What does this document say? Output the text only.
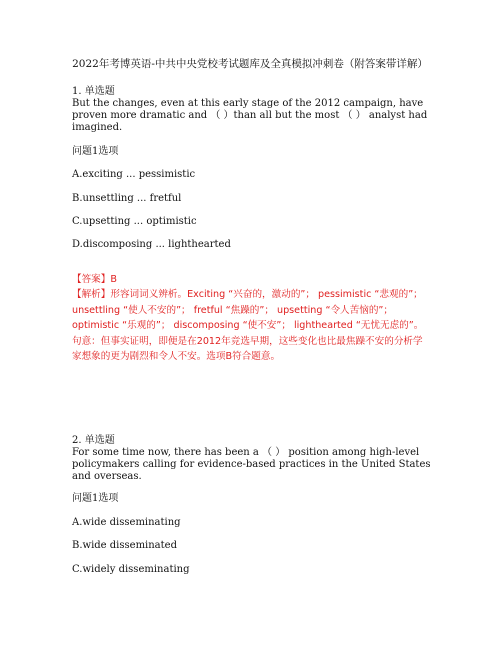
2022年考博英语-中共中央党校考试题库及全真模拟冲刺卷（附答案带详解）
1. 单选题
But the changes, even at this early stage of the 2012 campaign, have proven more dramatic and （ ）than all but the most （ ） analyst had imagined.
问题1选项
A.exciting ... pessimistic
B.unsettling ... fretful
C.upsetting ... optimistic
D.discomposing ... lighthearted
【答案】B
【解析】形容词词义辨析。Exciting “兴奋的，激动的”； pessimistic “悲观的”； unsettling “使人不安的”； fretful “焦躁的”； upsetting “令人苦恼的”； optimistic “乐观的”； discomposing “使不安”； lighthearted “无忧无虑的”。句意：但事实证明，即便是在2012年竞选早期，这些变化也比最焦躁不安的分析学家想象的更为剧烈和令人不安。选项B符合题意。
2. 单选题
For some time now, there has been a （ ） position among high-level policymakers calling for evidence-based practices in the United States and overseas.
问题1选项
A.wide disseminating
B.wide disseminated
C.widely disseminating
